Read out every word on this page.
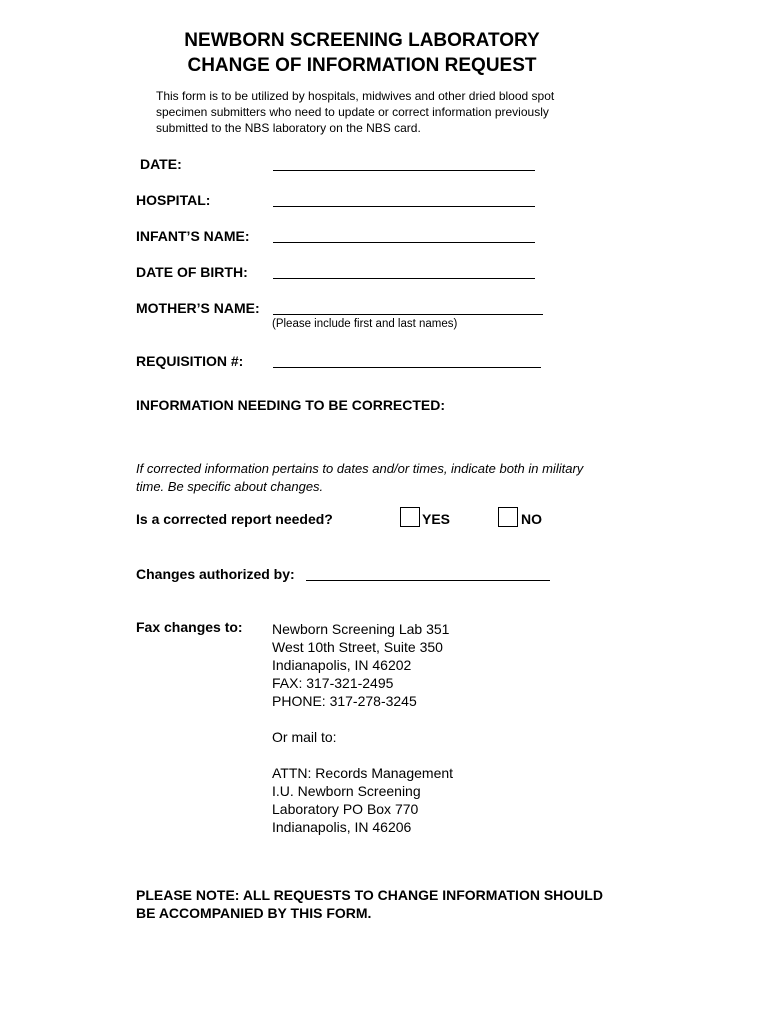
NEWBORN SCREENING LABORATORY
CHANGE OF INFORMATION REQUEST
This form is to be utilized by hospitals, midwives and other dried blood spot specimen submitters who need to update or correct information previously submitted to the NBS laboratory on the NBS card.
DATE:
HOSPITAL:
INFANT’S NAME:
DATE OF BIRTH:
MOTHER’S NAME:
(Please include first and last names)
REQUISITION #:
INFORMATION NEEDING TO BE CORRECTED:
If corrected information pertains to dates and/or times, indicate both in military time. Be specific about changes.
Is a corrected report needed?	YES	NO
Changes authorized by:
Fax changes to: Newborn Screening Lab 351
West 10th Street, Suite 350
Indianapolis, IN 46202
FAX: 317-321-2495
PHONE: 317-278-3245
Or mail to:
ATTN: Records Management
I.U. Newborn Screening
Laboratory PO Box 770
Indianapolis, IN 46206
PLEASE NOTE: ALL REQUESTS TO CHANGE INFORMATION SHOULD
BE ACCOMPANIED BY THIS FORM.
